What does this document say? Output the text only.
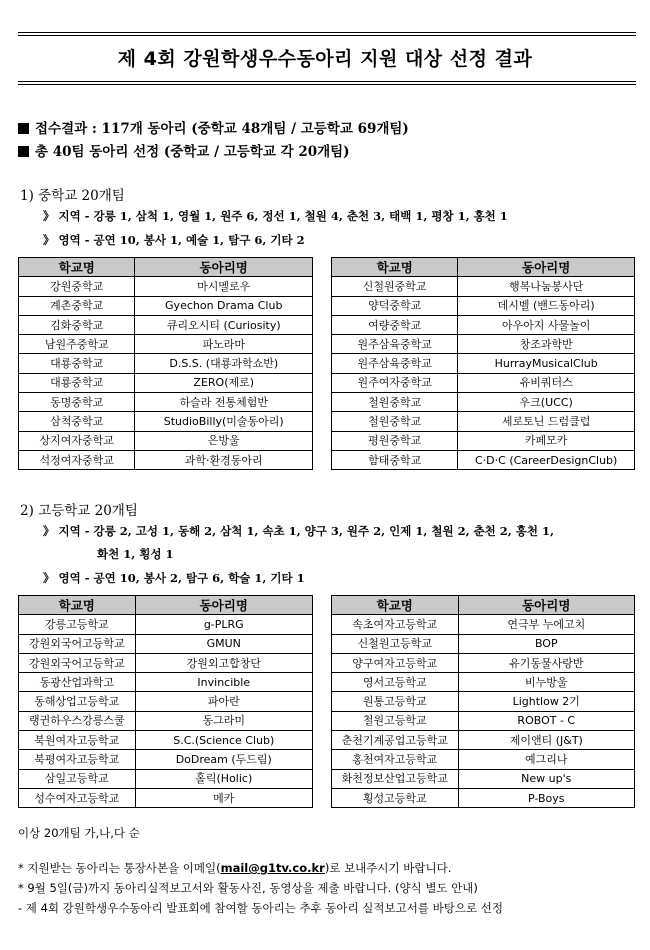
제 4회 강원학생우수동아리 지원 대상 선정 결과
접수결과 : 117개 동아리 (중학교 48개팀 / 고등학교 69개팀)
총 40팀 동아리 선정 (중학교 / 고등학교 각 20개팀)
1) 중학교 20개팀
》 지역 - 강릉 1, 삼척 1, 영월 1, 원주 6, 정선 1, 철원 4, 춘천 3, 태백 1, 평창 1, 홍천 1
》 영역 - 공연 10, 봉사 1, 예술 1, 탐구 6, 기타 2
학교명	동아리명
강원중학교	마시멜로우
계촌중학교	Gyechon Drama Club
김화중학교	큐리오시티 (Curiosity)
남원주중학교	파노라마
대룡중학교	D.S.S. (대룡과학쇼반)
대룡중학교	ZERO(제로)
동명중학교	하슬라 전통체험반
삼척중학교	StudioBilly(미술동아리)
상지여자중학교	은방울
석정여자중학교	과학·환경동아리
학교명	동아리명
신철원중학교	행복나눔봉사단
양덕중학교	데시벨 (밴드동아리)
여량중학교	아우아지 사물놀이
원주삼육중학교	창조과학반
원주삼육중학교	HurrayMusicalClub
원주여자중학교	유비쿼터스
철원중학교	우크(UCC)
철원중학교	세로토닌 드럼클럽
평원중학교	카페모카
함태중학교	C·D·C (CareerDesignClub)
2) 고등학교 20개팀
》 지역 - 강릉 2, 고성 1, 동해 2, 삼척 1, 속초 1, 양구 3, 원주 2, 인제 1, 철원 2, 춘천 2, 홍천 1,
화천 1, 횡성 1
》 영역 - 공연 10, 봉사 2, 탐구 6, 학술 1, 기타 1
학교명	동아리명
강릉고등학교	g-PLRG
강원외국어고등학교	GMUN
강원외국어고등학교	강원외고합창단
동광산업과학고	Invincible
동해상업고등학교	파아란
랭귄하우스강릉스쿨	동그라미
북원여자고등학교	S.C.(Science Club)
북평여자고등학교	DoDream (두드림)
삼일고등학교	홀릭(Holic)
성수여자고등학교	메카
학교명	동아리명
속초여자고등학교	연극부 누에고치
신철원고등학교	BOP
양구여자고등학교	유기동물사랑반
영서고등학교	비누방울
원통고등학교	Lightlow 2기
철원고등학교	ROBOT - C
춘천기계공업고등학교	제이앤티 (J&T)
홍천여자고등학교	예그리나
화천정보산업고등학교	New up's
횡성고등학교	P-Boys
이상 20개팀 가,나,다 순
* 지원받는 동아리는 통장사본을 이메일(mail@g1tv.co.kr)로 보내주시기 바랍니다.
* 9월 5일(금)까지 동아리실적보고서와 활동사진, 동영상을 제출 바랍니다. (양식 별도 안내)
- 제 4회 강원학생우수동아리 발표회에 참여할 동아리는 추후 동아리 실적보고서를 바탕으로 선정
